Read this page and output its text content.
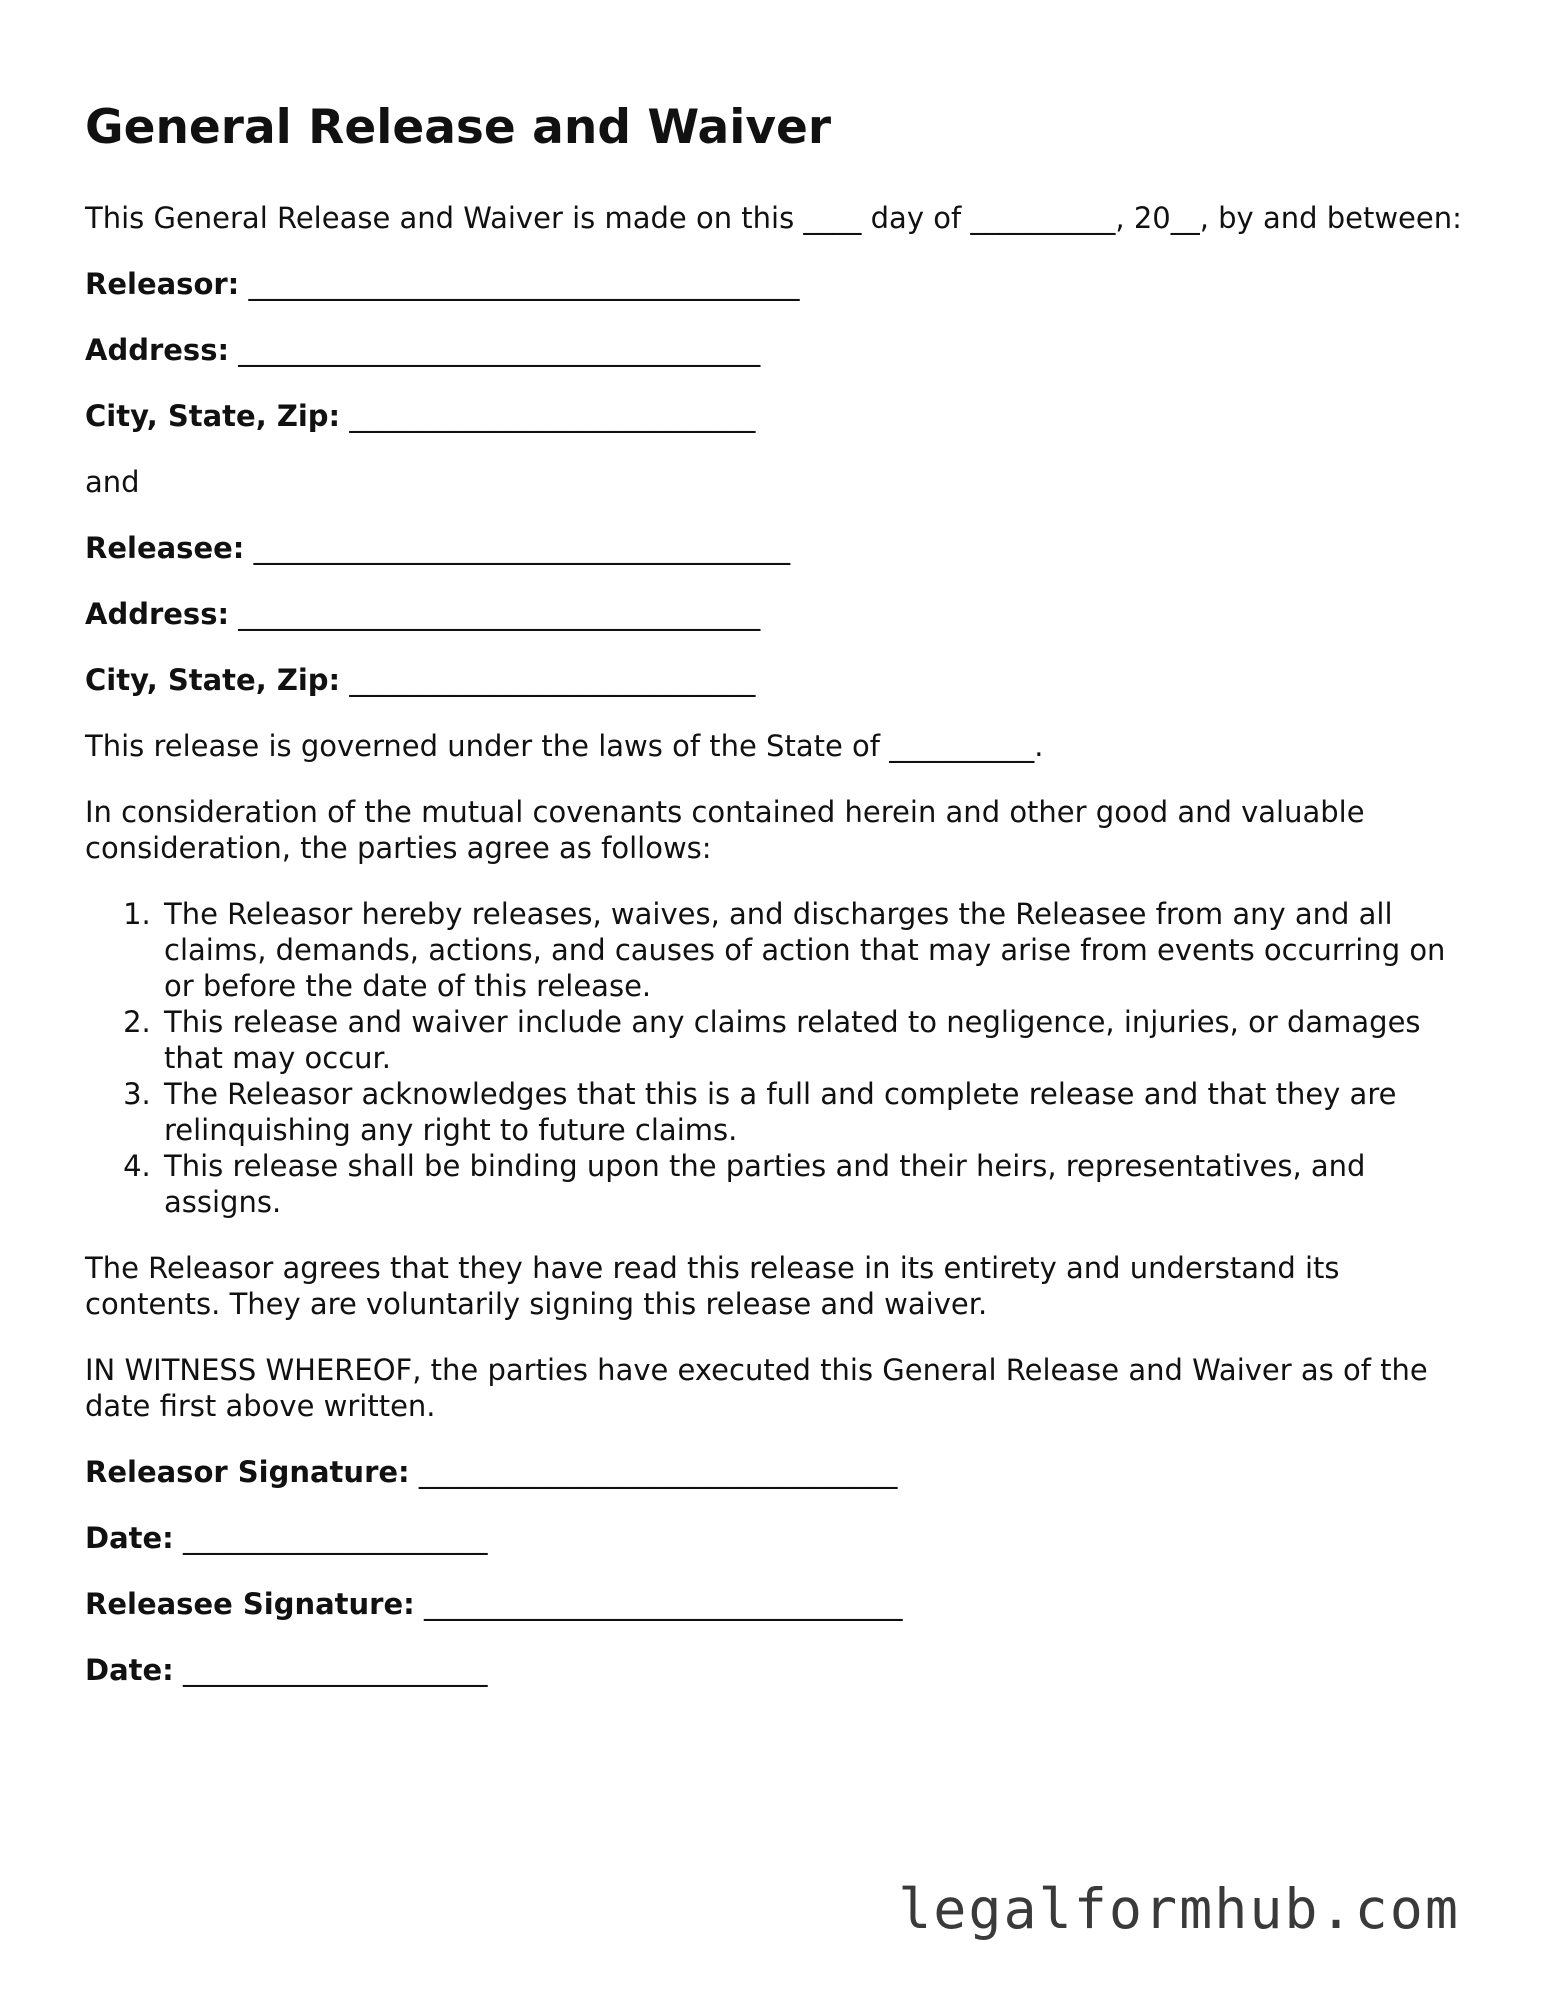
General Release and Waiver

This General Release and Waiver is made on this ____ day of __________, 20__, by and between:

Releasor: ______________________________________
Address: ____________________________________
City, State, Zip: ____________________________

and

Releasee: _____________________________________
Address: ____________________________________
City, State, Zip: ____________________________

This release is governed under the laws of the State of __________.

In consideration of the mutual covenants contained herein and other good and valuable consideration, the parties agree as follows:

1. The Releasor hereby releases, waives, and discharges the Releasee from any and all claims, demands, actions, and causes of action that may arise from events occurring on or before the date of this release.
2. This release and waiver include any claims related to negligence, injuries, or damages that may occur.
3. The Releasor acknowledges that this is a full and complete release and that they are relinquishing any right to future claims.
4. This release shall be binding upon the parties and their heirs, representatives, and assigns.

The Releasor agrees that they have read this release in its entirety and understand its contents. They are voluntarily signing this release and waiver.

IN WITNESS WHEREOF, the parties have executed this General Release and Waiver as of the date first above written.

Releasor Signature: _________________________________
Date: _____________________
Releasee Signature: _________________________________
Date: _____________________
legalformhub.com
